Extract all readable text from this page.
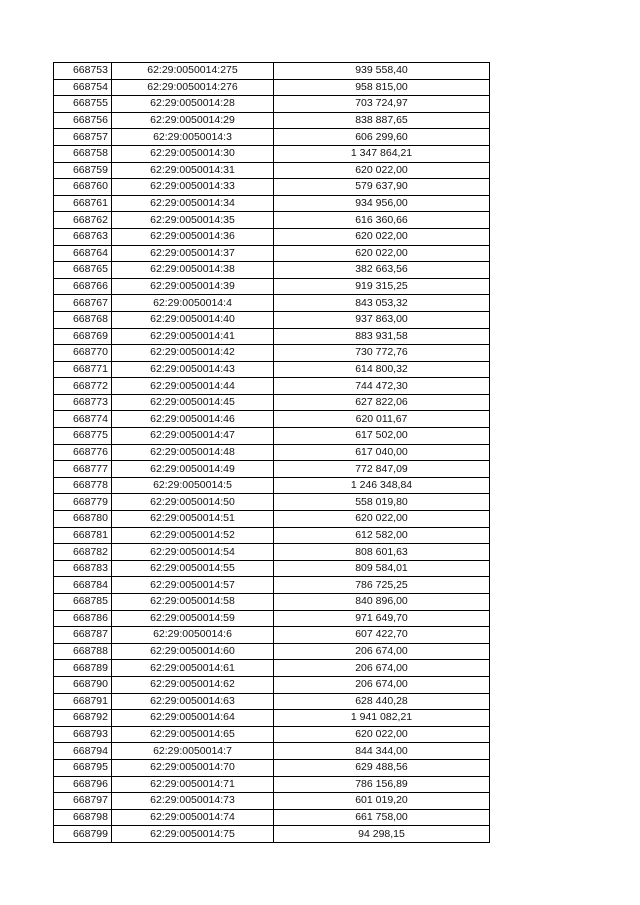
668753	62:29:0050014:275	939 558,40
668754	62:29:0050014:276	958 815,00
668755	62:29:0050014:28	703 724,97
668756	62:29:0050014:29	838 887,65
668757	62:29:0050014:3	606 299,60
668758	62:29:0050014:30	1 347 864,21
668759	62:29:0050014:31	620 022,00
668760	62:29:0050014:33	579 637,90
668761	62:29:0050014:34	934 956,00
668762	62:29:0050014:35	616 360,66
668763	62:29:0050014:36	620 022,00
668764	62:29:0050014:37	620 022,00
668765	62:29:0050014:38	382 663,56
668766	62:29:0050014:39	919 315,25
668767	62:29:0050014:4	843 053,32
668768	62:29:0050014:40	937 863,00
668769	62:29:0050014:41	883 931,58
668770	62:29:0050014:42	730 772,76
668771	62:29:0050014:43	614 800,32
668772	62:29:0050014:44	744 472,30
668773	62:29:0050014:45	627 822,06
668774	62:29:0050014:46	620 011,67
668775	62:29:0050014:47	617 502,00
668776	62:29:0050014:48	617 040,00
668777	62:29:0050014:49	772 847,09
668778	62:29:0050014:5	1 246 348,84
668779	62:29:0050014:50	558 019,80
668780	62:29:0050014:51	620 022,00
668781	62:29:0050014:52	612 582,00
668782	62:29:0050014:54	808 601,63
668783	62:29:0050014:55	809 584,01
668784	62:29:0050014:57	786 725,25
668785	62:29:0050014:58	840 896,00
668786	62:29:0050014:59	971 649,70
668787	62:29:0050014:6	607 422,70
668788	62:29:0050014:60	206 674,00
668789	62:29:0050014:61	206 674,00
668790	62:29:0050014:62	206 674,00
668791	62:29:0050014:63	628 440,28
668792	62:29:0050014:64	1 941 082,21
668793	62:29:0050014:65	620 022,00
668794	62:29:0050014:7	844 344,00
668795	62:29:0050014:70	629 488,56
668796	62:29:0050014:71	786 156,89
668797	62:29:0050014:73	601 019,20
668798	62:29:0050014:74	661 758,00
668799	62:29:0050014:75	94 298,15
